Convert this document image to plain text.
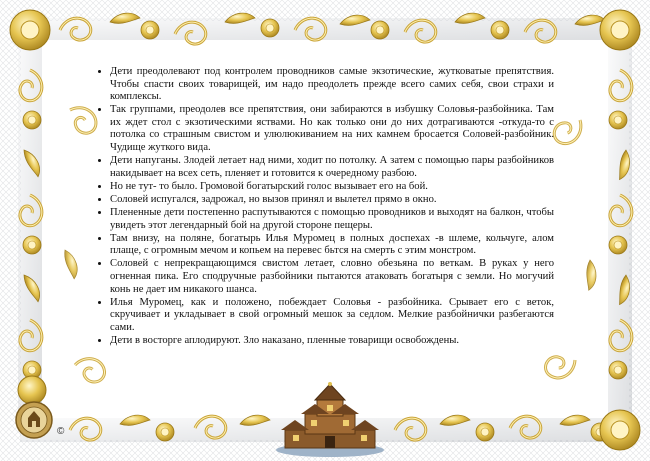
• Дети преодолевают под контролем проводников самые экзотические, жутковатые препятствия. Чтобы спасти своих товарищей, им надо преодолеть прежде всего самих себя, свои страхи и комплексы.
• Так группами, преодолев все препятствия, они забираются в избушку Соловья-разбойника. Там их ждет стол с экзотическими яствами. Но как только они до них дотрагиваются -откуда-то с потолка со страшным свистом и улюлюкиванием на них камнем бросается Соловей-разбойник. Чудище жуткого вида.
• Дети напуганы. Злодей летает над ними, ходит по потолку. А затем с помощью пары разбойников накидывает на всех сеть, пленяет и готовится к очередному разбою.
• Но не тут- то было. Громовой богатырский голос вызывает его на бой.
• Соловей испугался, задрожал, но вызов принял и вылетел прямо в окно.
• Плененные дети постепенно распутываются с помощью проводников и выходят на балкон, чтобы увидеть этот легендарный бой на другой стороне пещеры.
• Там внизу, на поляне, богатырь Илья Муромец в полных доспехах -в шлеме, кольчуге, алом плаще, с огромным мечом и копьем на перевес бьтся на смерть с этим монстром.
• Соловей с непрекращающимся свистом летает, словно обезьяна по веткам. В руках у него огненная пика. Его сподручные разбойники пытаются атаковать богатыря с земли. Но могучий конь не дает им никакого шанса.
• Илья Муромец, как и положено, побеждает Соловья - разбойника. Срывает его с веток, скручивает и укладывает в свой огромный мешок за седлом. Мелкие разбойнички разбегаются сами.
• Дети в восторге аплодируют. Зло наказано, пленные товарищи освобождены.
©
